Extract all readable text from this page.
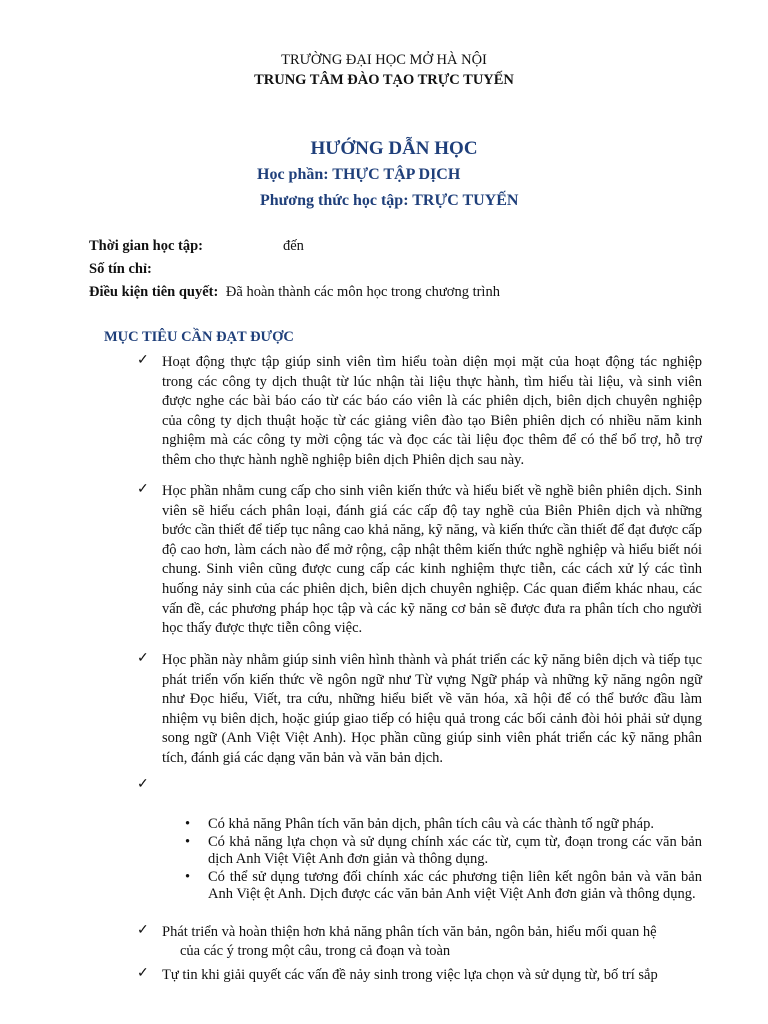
TRƯỜNG ĐẠI HỌC MỞ HÀ NỘI
TRUNG TÂM ĐÀO TẠO TRỰC TUYẾN
HƯỚNG DẪN HỌC
Học phần: THỰC TẬP DỊCH
Phương thức học tập: TRỰC TUYẾN
Thời gian học tập:	đến
Số tín chỉ:
Điều kiện tiên quyết: Đã hoàn thành các môn học trong chương trình
MỤC TIÊU CẦN ĐẠT ĐƯỢC
✓ Hoạt động thực tập giúp sinh viên tìm hiểu toàn diện mọi mặt của hoạt động tác nghiệp trong các công ty dịch thuật từ lúc nhận tài liệu thực hành, tìm hiểu tài liệu, và sinh viên được nghe các bài báo cáo từ các báo cáo viên là các phiên dịch, biên dịch chuyên nghiệp của công ty dịch thuật hoặc từ các giảng viên đào tạo Biên phiên dịch có nhiều năm kinh nghiệm mà các công ty mời cộng tác và đọc các tài liệu đọc thêm để có thể bổ trợ, hỗ trợ thêm cho thực hành nghề nghiệp biên dịch Phiên dịch sau này.
✓ Học phần nhằm cung cấp cho sinh viên kiến thức và hiểu biết về nghề biên phiên dịch. Sinh viên sẽ hiểu cách phân loại, đánh giá các cấp độ tay nghề của Biên Phiên dịch và những bước cần thiết để tiếp tục nâng cao khả năng, kỹ năng, và kiến thức cần thiết để đạt được cấp độ cao hơn, làm cách nào để mở rộng, cập nhật thêm kiến thức nghề nghiệp và hiểu biết nói chung. Sinh viên cũng được cung cấp các kinh nghiệm thực tiễn, các cách xử lý các tình huống nảy sinh của các phiên dịch, biên dịch chuyên nghiệp. Các quan điểm khác nhau, các vấn đề, các phương pháp học tập và các kỹ năng cơ bản sẽ được đưa ra phân tích cho người học thấy được thực tiễn công việc.
✓ Học phần này nhằm giúp sinh viên hình thành và phát triển các kỹ năng biên dịch và tiếp tục phát triển vốn kiến thức về ngôn ngữ như Từ vựng Ngữ pháp và những kỹ năng ngôn ngữ như Đọc hiểu, Viết, tra cứu, những hiểu biết về văn hóa, xã hội để có thể bước đầu làm nhiệm vụ biên dịch, hoặc giúp giao tiếp có hiệu quả trong các bối cảnh đòi hỏi phải sử dụng song ngữ (Anh Việt Việt Anh). Học phần cũng giúp sinh viên phát triển các kỹ năng phân tích, đánh giá các dạng văn bản và văn bản dịch.
✓
• Có khả năng Phân tích văn bản dịch, phân tích câu và các thành tố ngữ pháp.
• Có khả năng lựa chọn và sử dụng chính xác các từ, cụm từ, đoạn trong các văn bản dịch Anh Việt Việt Anh đơn giản và thông dụng.
• Có thể sử dụng tương đối chính xác các phương tiện liên kết ngôn bản và văn bản Anh Việt ệt Anh. Dịch được các văn bản Anh việt Việt Anh đơn giản và thông dụng.
✓ Phát triển và hoàn thiện hơn khả năng phân tích văn bản, ngôn bản, hiểu mối quan hệ
của các ý trong một câu, trong cả đoạn và toàn
✓ Tự tin khi giải quyết các vấn đề nảy sinh trong việc lựa chọn và sử dụng từ, bố trí sắp
